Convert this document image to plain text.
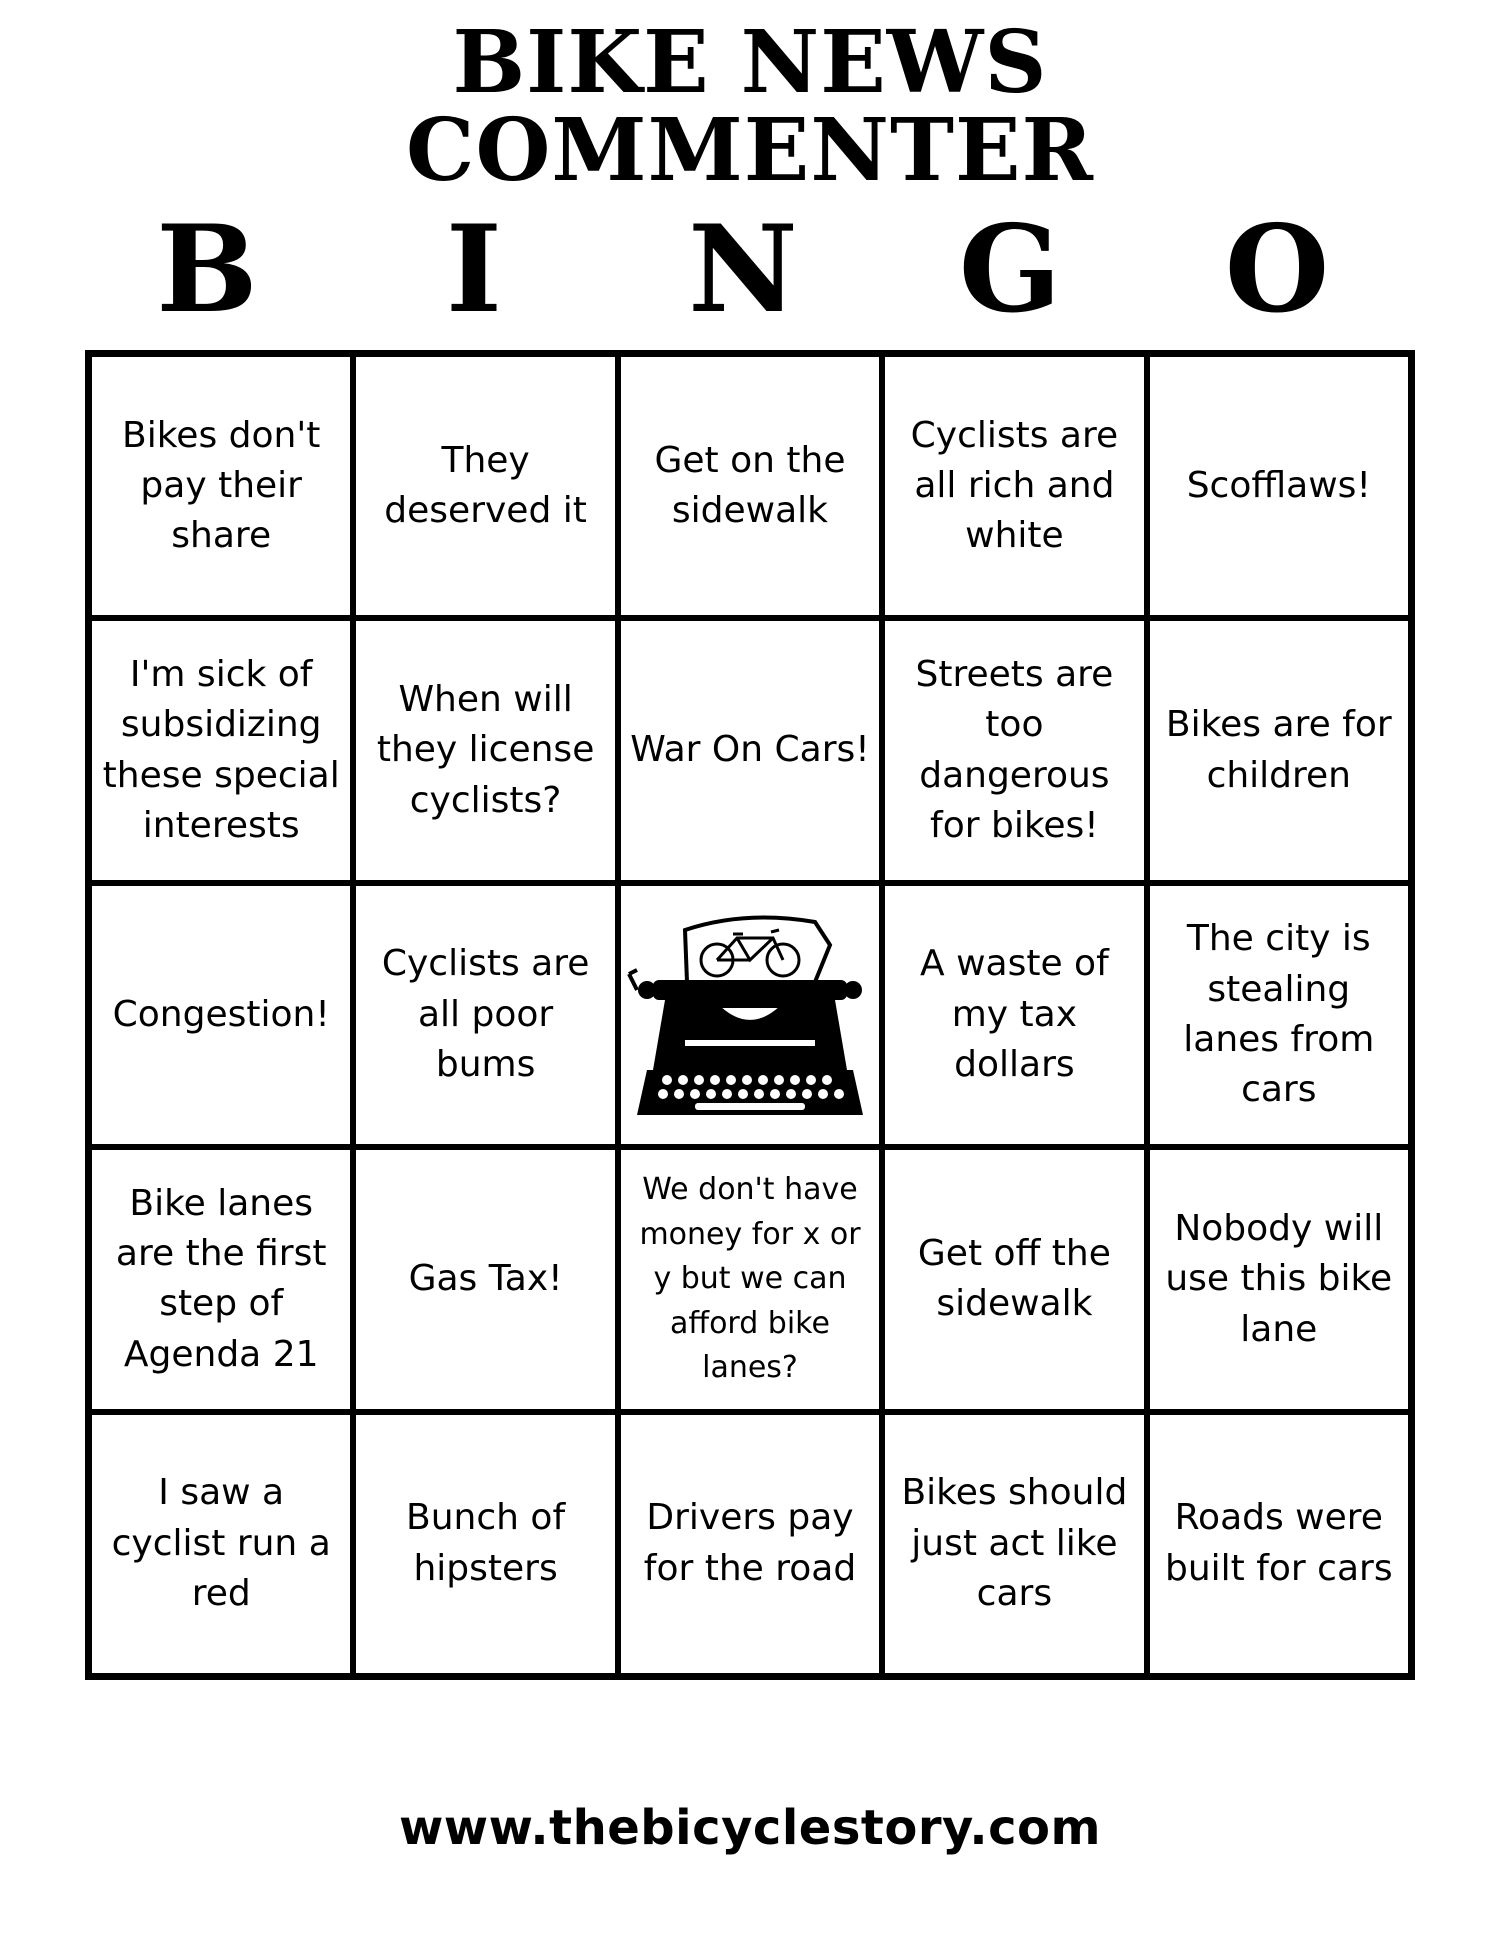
BIKE NEWS
COMMENTER
B	I	N G O
Bikes don't pay their share
They deserved it
Get on the sidewalk
Cyclists are all rich and white
Scofflaws!
I'm sick of subsidizing these special interests
When will they license cyclists?
War On Cars!
Streets are too dangerous for bikes!
Bikes are for children
Congestion!
Cyclists are all poor bums
A waste of my tax dollars
The city is stealing lanes from cars
Bike lanes are the first step of Agenda 21
Gas Tax!
We don't have money for x or y but we can afford bike lanes?
Get off the sidewalk
Nobody will use this bike lane
I saw a cyclist run a red
Bunch of hipsters
Drivers pay for the road
Bikes should just act like cars
Roads were built for cars
www.thebicyclestory.com
